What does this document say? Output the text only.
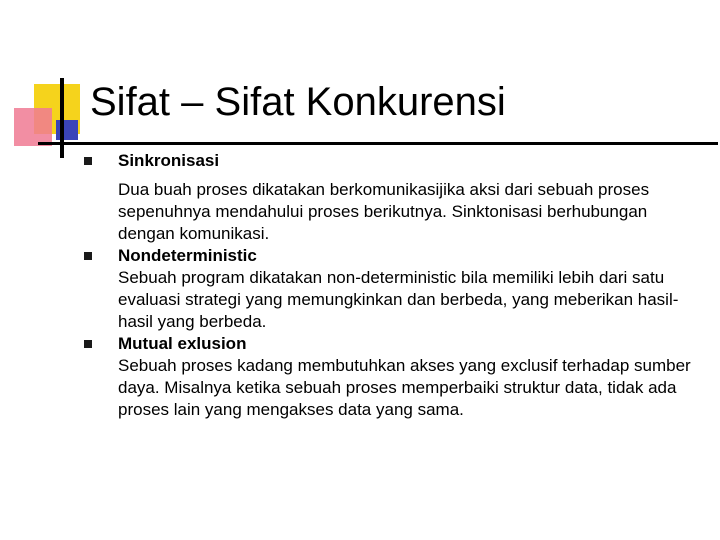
Sifat – Sifat Konkurensi
Sinkronisasi
Dua buah proses dikatakan berkomunikasijika aksi dari sebuah proses sepenuhnya mendahului proses berikutnya. Sinktonisasi berhubungan dengan komunikasi.
Nondeterministic
Sebuah program dikatakan non-deterministic bila memiliki lebih dari satu evaluasi strategi yang memungkinkan dan berbeda, yang meberikan hasil-hasil yang berbeda.
Mutual exlusion
Sebuah proses kadang membutuhkan akses yang exclusif terhadap sumber daya. Misalnya ketika sebuah proses memperbaiki struktur data, tidak ada proses lain yang mengakses data yang sama.
